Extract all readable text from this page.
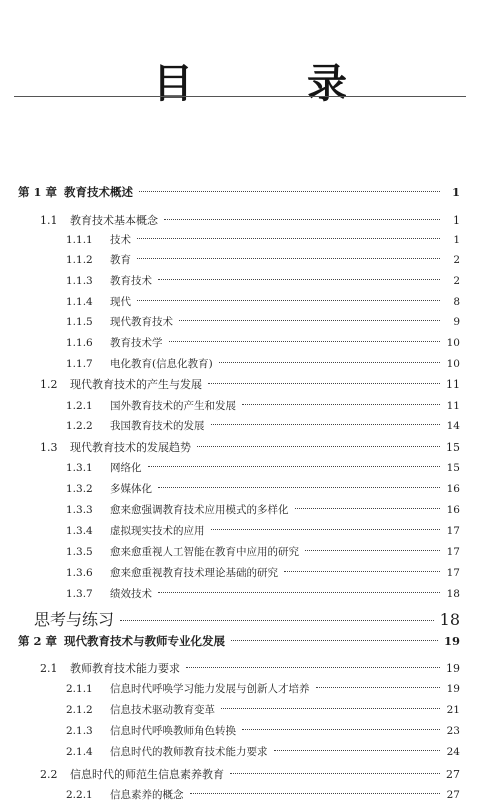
目 录
第 1 章 教育技术概述	1
1.1	教育技术基本概念	1
1.1.1	技术	1
1.1.2	教育	2
1.1.3	教育技术	2
1.1.4	现代	8
1.1.5	现代教育技术	9
1.1.6	教育技术学	10
1.1.7	电化教育(信息化教育)	10
1.2	现代教育技术的产生与发展	11
1.2.1	国外教育技术的产生和发展	11
1.2.2	我国教育技术的发展	14
1.3	现代教育技术的发展趋势	15
1.3.1	网络化	15
1.3.2	多媒体化	16
1.3.3	愈来愈强调教育技术应用模式的多样化	16
1.3.4	虚拟现实技术的应用	17
1.3.5	愈来愈重视人工智能在教育中应用的研究	17
1.3.6	愈来愈重视教育技术理论基础的研究	17
1.3.7	绩效技术	18
思考与练习	18
第 2 章 现代教育技术与教师专业化发展	19
2.1	教师教育技术能力要求	19
2.1.1	信息时代呼唤学习能力发展与创新人才培养	19
2.1.2	信息技术驱动教育变革	21
2.1.3	信息时代呼唤教师角色转换	23
2.1.4	信息时代的教师教育技术能力要求	24
2.2	信息时代的师范生信息素养教育	27
2.2.1	信息素养的概念	27
